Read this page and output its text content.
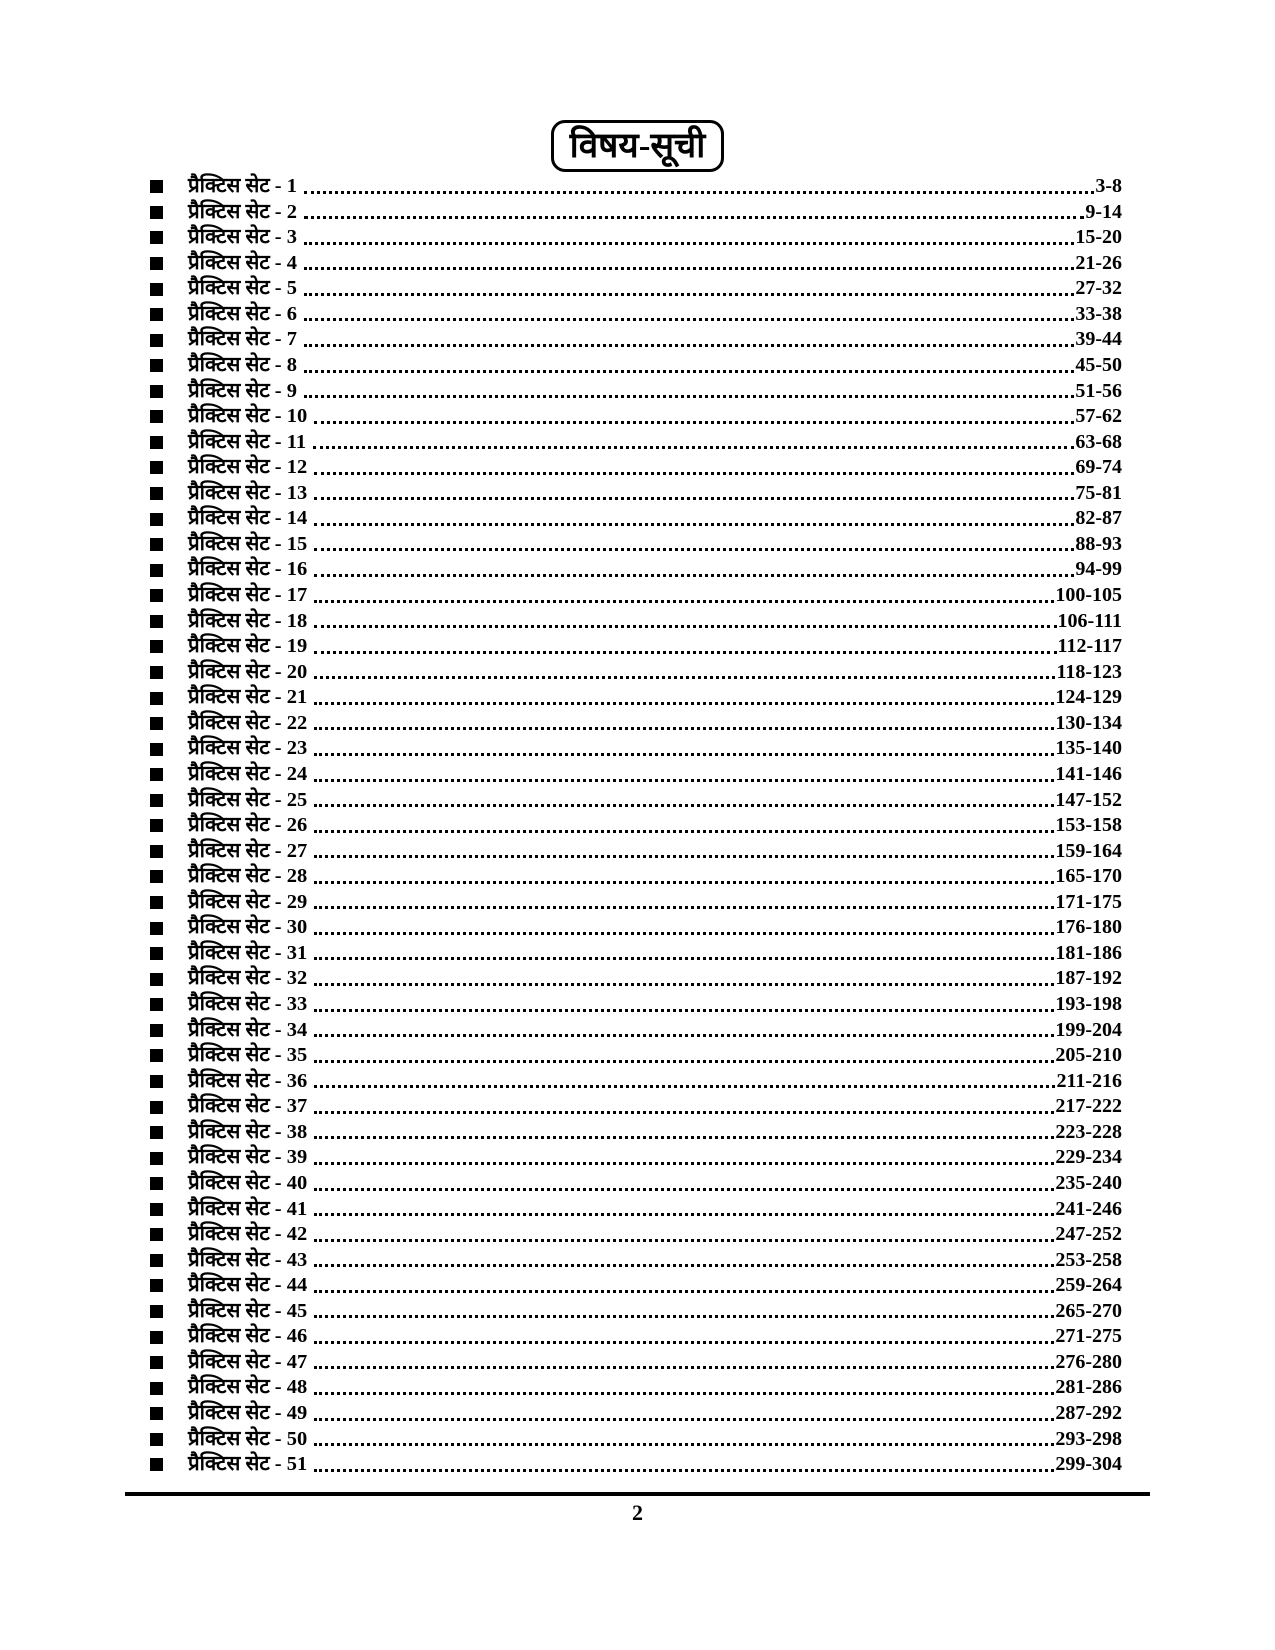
विषय-सूची
प्रैक्टिस सेट - 1	3-8
प्रैक्टिस सेट - 2	9-14
प्रैक्टिस सेट - 3	15-20
प्रैक्टिस सेट - 4	21-26
प्रैक्टिस सेट - 5	27-32
प्रैक्टिस सेट - 6	33-38
प्रैक्टिस सेट - 7	39-44
प्रैक्टिस सेट - 8	45-50
प्रैक्टिस सेट - 9	51-56
प्रैक्टिस सेट - 10	57-62
प्रैक्टिस सेट - 11	63-68
प्रैक्टिस सेट - 12	69-74
प्रैक्टिस सेट - 13	75-81
प्रैक्टिस सेट - 14	82-87
प्रैक्टिस सेट - 15	88-93
प्रैक्टिस सेट - 16	94-99
प्रैक्टिस सेट - 17	100-105
प्रैक्टिस सेट - 18	106-111
प्रैक्टिस सेट - 19	112-117
प्रैक्टिस सेट - 20	118-123
प्रैक्टिस सेट - 21	124-129
प्रैक्टिस सेट - 22	130-134
प्रैक्टिस सेट - 23	135-140
प्रैक्टिस सेट - 24	141-146
प्रैक्टिस सेट - 25	147-152
प्रैक्टिस सेट - 26	153-158
प्रैक्टिस सेट - 27	159-164
प्रैक्टिस सेट - 28	165-170
प्रैक्टिस सेट - 29	171-175
प्रैक्टिस सेट - 30	176-180
प्रैक्टिस सेट - 31	181-186
प्रैक्टिस सेट - 32	187-192
प्रैक्टिस सेट - 33	193-198
प्रैक्टिस सेट - 34	199-204
प्रैक्टिस सेट - 35	205-210
प्रैक्टिस सेट - 36	211-216
प्रैक्टिस सेट - 37	217-222
प्रैक्टिस सेट - 38	223-228
प्रैक्टिस सेट - 39	229-234
प्रैक्टिस सेट - 40	235-240
प्रैक्टिस सेट - 41	241-246
प्रैक्टिस सेट - 42	247-252
प्रैक्टिस सेट - 43	253-258
प्रैक्टिस सेट - 44	259-264
प्रैक्टिस सेट - 45	265-270
प्रैक्टिस सेट - 46	271-275
प्रैक्टिस सेट - 47	276-280
प्रैक्टिस सेट - 48	281-286
प्रैक्टिस सेट - 49	287-292
प्रैक्टिस सेट - 50	293-298
प्रैक्टिस सेट - 51	299-304
2
